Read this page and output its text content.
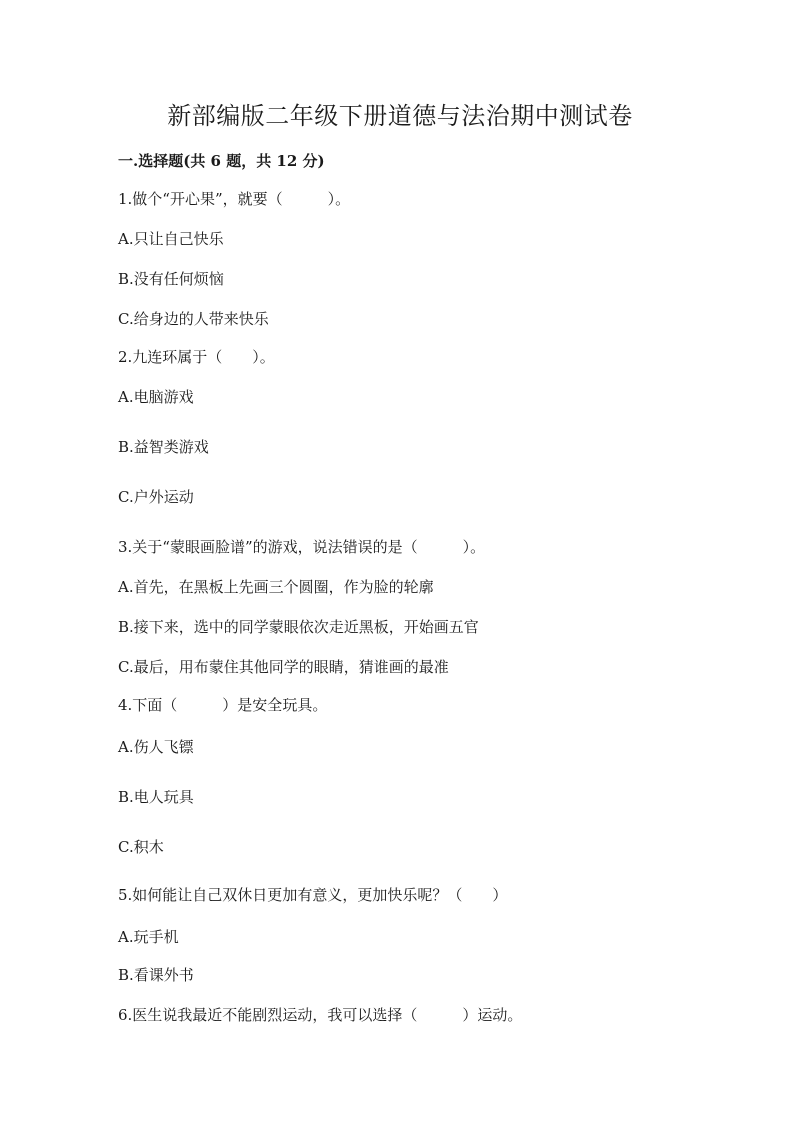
新部编版二年级下册道德与法治期中测试卷
一.选择题(共 6 题，共 12 分)
1.做个“开心果”，就要（　　　）。
A.只让自己快乐
B.没有任何烦恼
C.给身边的人带来快乐
2.九连环属于（　　）。
A.电脑游戏
B.益智类游戏
C.户外运动
3.关于“蒙眼画脸谱”的游戏，说法错误的是（　　　）。
A.首先，在黑板上先画三个圆圈，作为脸的轮廓
B.接下来，选中的同学蒙眼依次走近黑板，开始画五官
C.最后，用布蒙住其他同学的眼睛，猜谁画的最准
4.下面（　　　）是安全玩具。
A.伤人飞镖
B.电人玩具
C.积木
5.如何能让自己双休日更加有意义，更加快乐呢？（　　）
A.玩手机
B.看课外书
6.医生说我最近不能剧烈运动，我可以选择（　　　）运动。
